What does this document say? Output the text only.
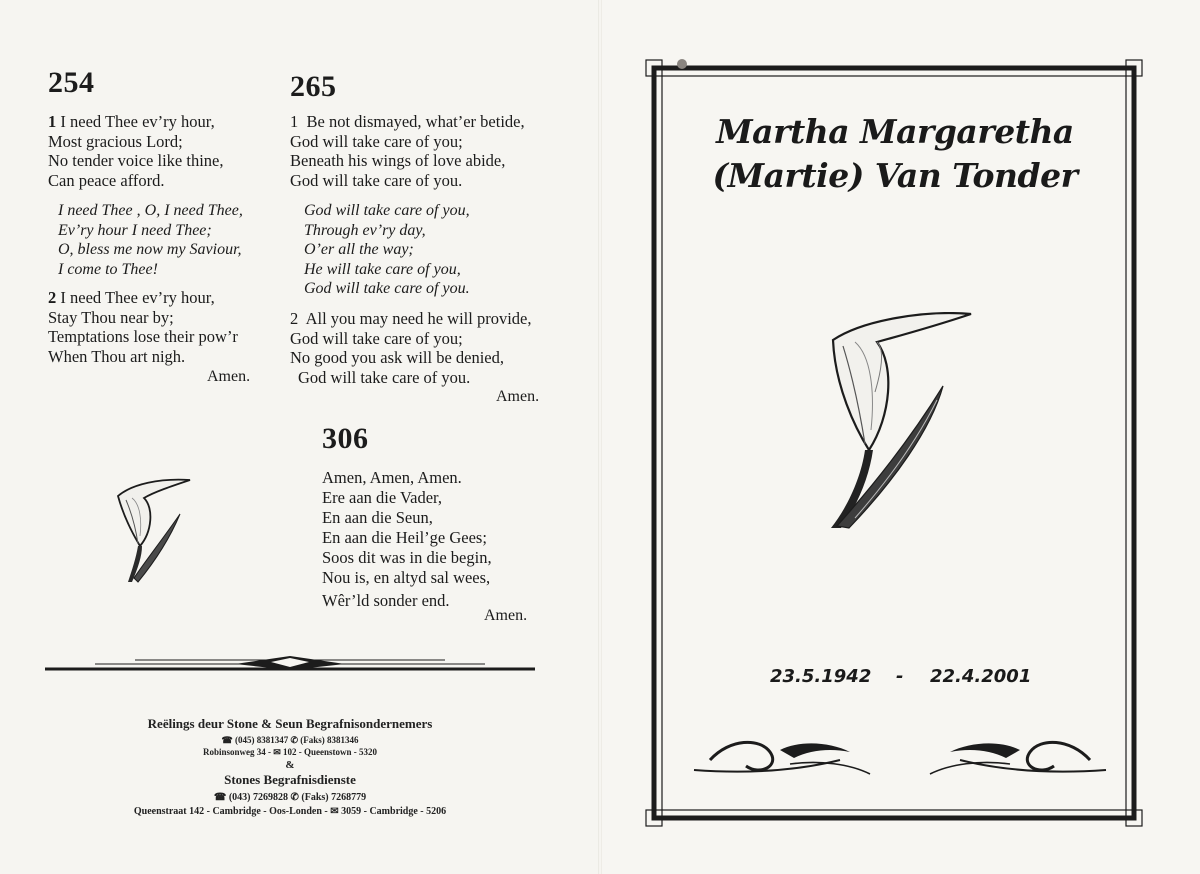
254
1 I need Thee ev’ry hour,
Most gracious Lord;
No tender voice like thine,
Can peace afford.
I need Thee , O, I need Thee,
Ev’ry hour I need Thee;
O, bless me now my Saviour,
I come to Thee!
2 I need Thee ev’ry hour,
Stay Thou near by;
Temptations lose their pow’r
When Thou art nigh.
Amen.
265
1 Be not dismayed, what’er betide,
God will take care of you;
Beneath his wings of love abide,
God will take care of you.
God will take care of you,
Through ev’ry day,
O’er all the way;
He will take care of you,
God will take care of you.
2 All you may need he will provide,
God will take care of you;
No good you ask will be denied,
God will take care of you.
Amen.
306
Amen, Amen, Amen.
Ere aan die Vader,
En aan die Seun,
En aan die Heil’ge Gees;
Soos dit was in die begin,
Nou is, en altyd sal wees,
Wêr’ld sonder end.
Amen.
Reëlings deur Stone & Seun Begrafnisondernemers
☎ (045) 8381347 ✆ (Faks) 8381346
Robinsonweg 34 - ✉ 102 - Queenstown - 5320
&
Stones Begrafnisdienste
☎ (043) 7269828 ✆ (Faks) 7268779
Queenstraat 142 - Cambridge - Oos-Londen - ✉ 3059 - Cambridge - 5206
Martha Margaretha
(Martie) Van Tonder
23.5.1942 - 22.4.2001
